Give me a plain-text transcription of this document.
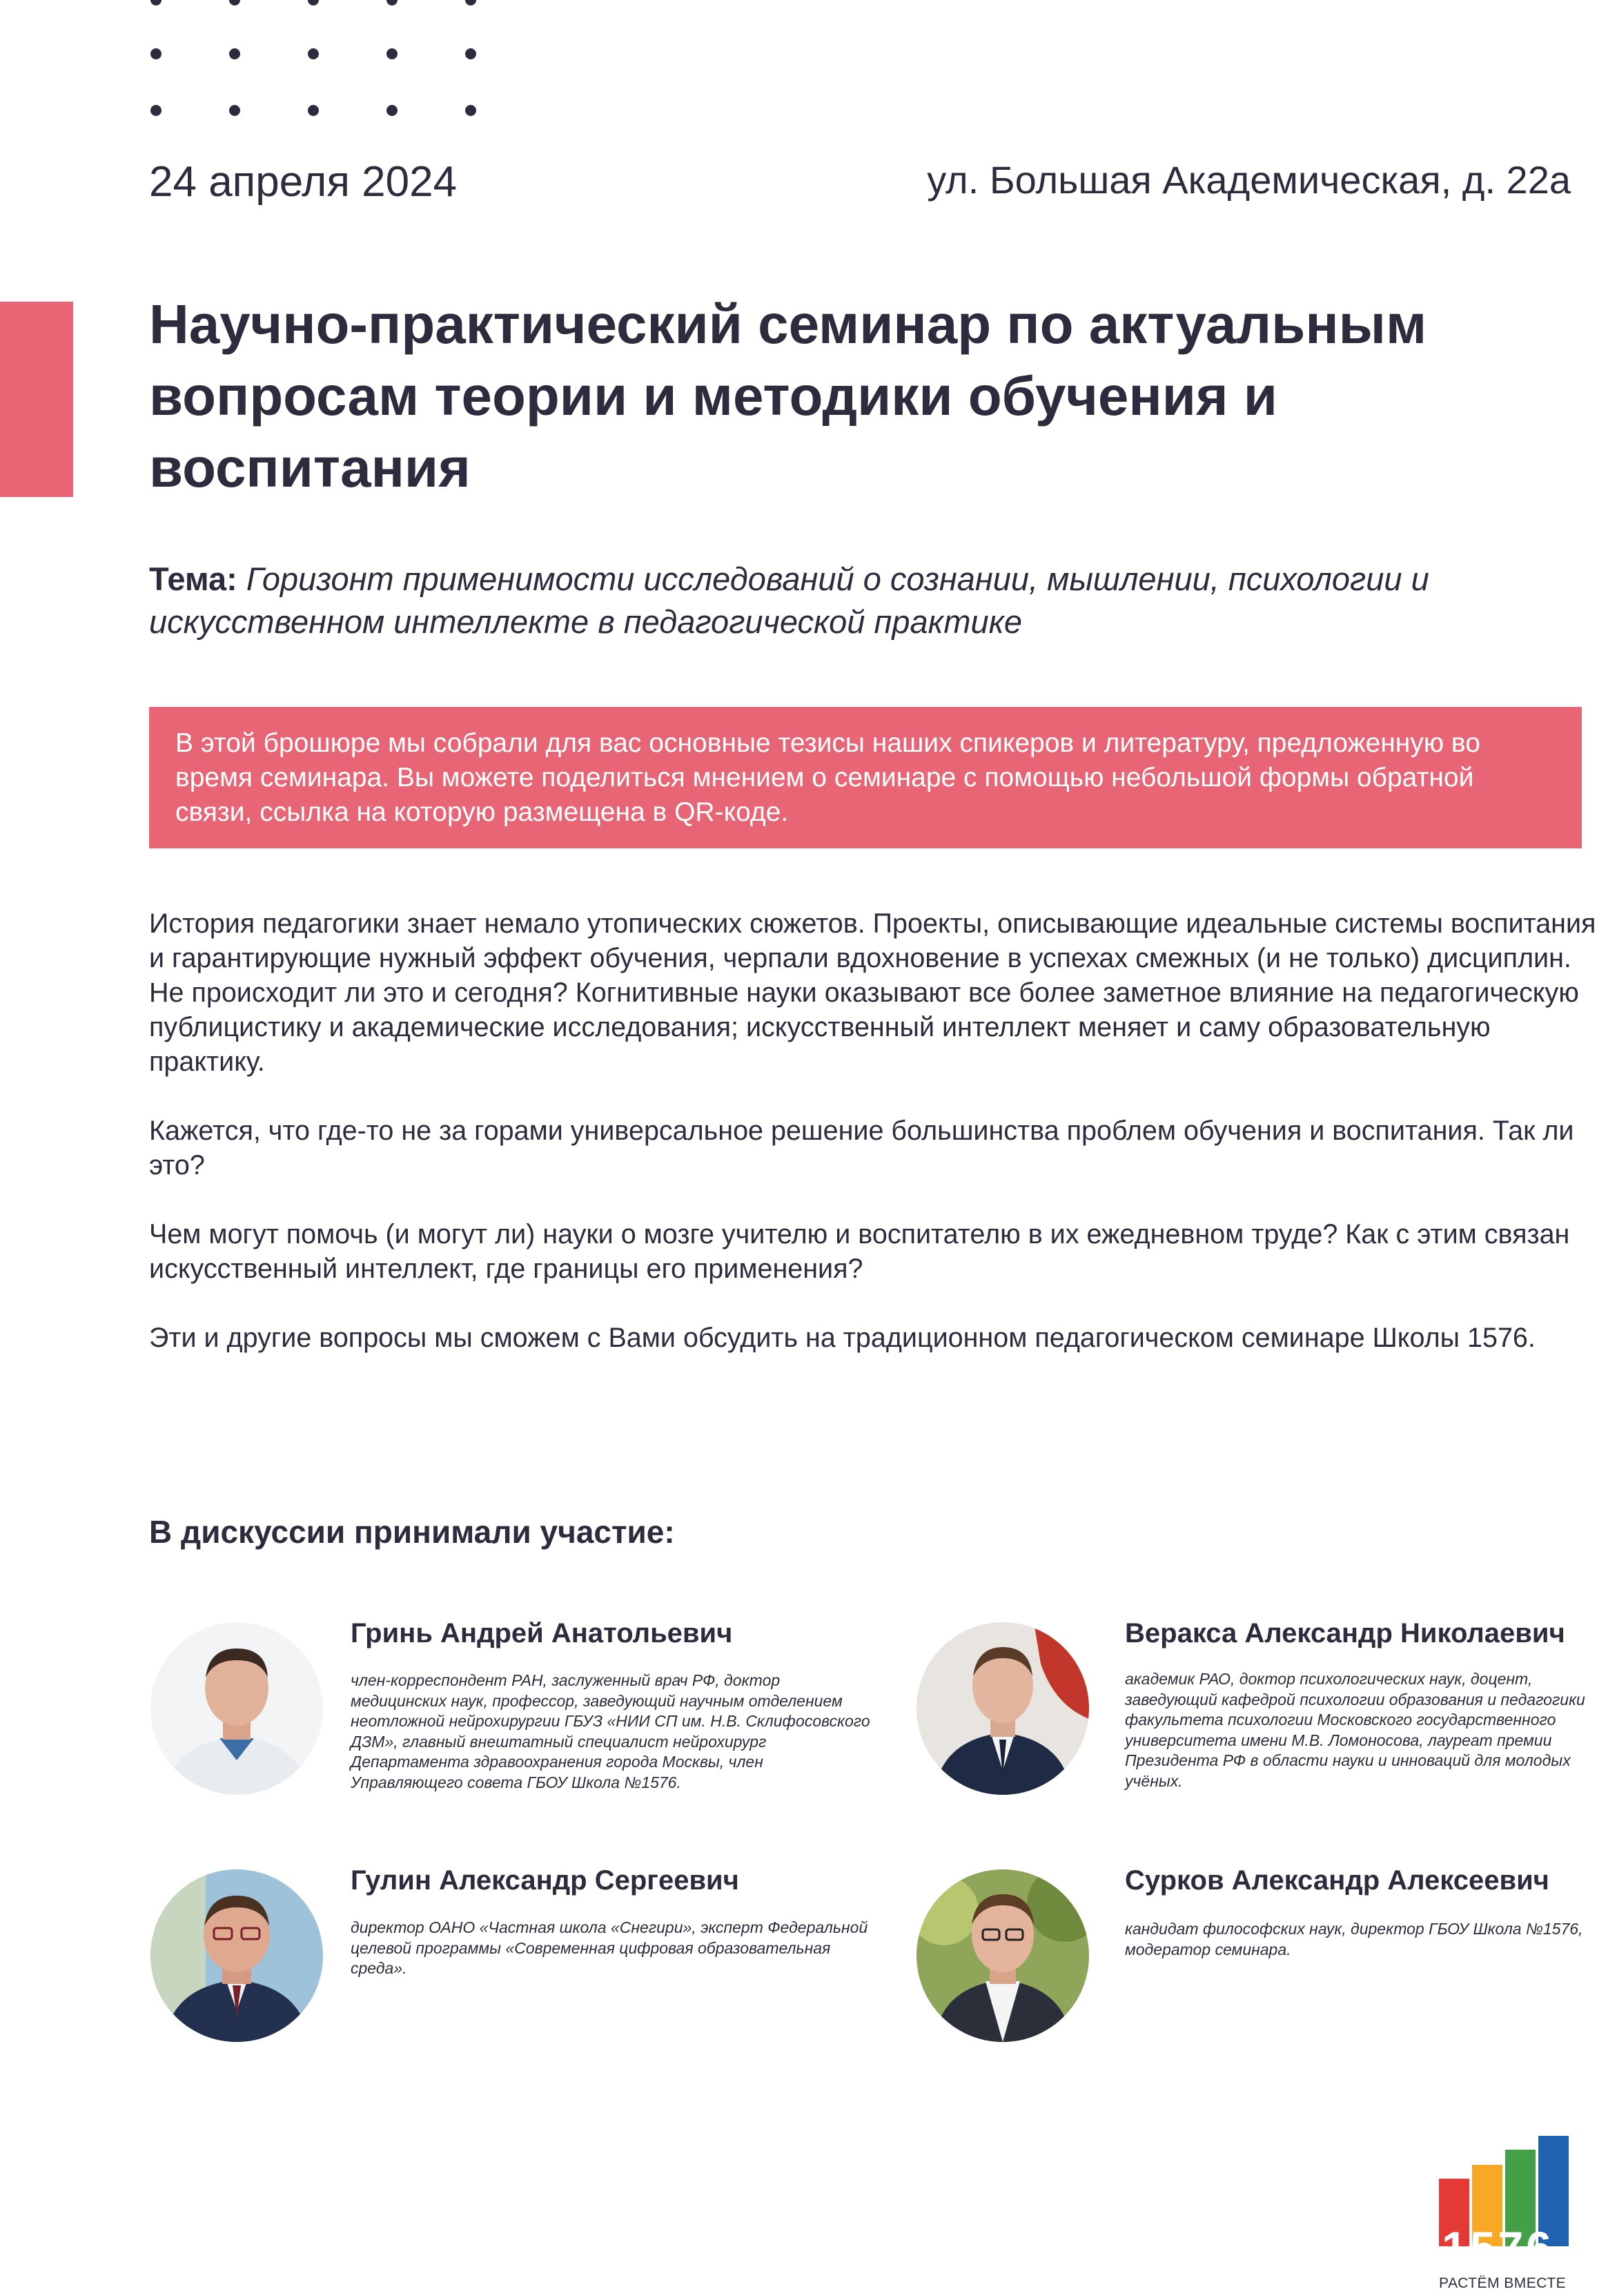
24 апреля 2024	ул. Большая Академическая, д. 22а
Научно-практический семинар по актуальным вопросам теории и методики обучения и воспитания
Тема: Горизонт применимости исследований о сознании, мышлении, психологии и искусственном интеллекте в педагогической практике
В этой брошюре мы собрали для вас основные тезисы наших спикеров и литературу, предложенную во время семинара. Вы можете поделиться мнением о семинаре с помощью небольшой формы обратной связи, ссылка на которую размещена в QR-коде.

История педагогики знает немало утопических сюжетов. Проекты, описывающие идеальные системы воспитания и гарантирующие нужный эффект обучения, черпали вдохновение в успехах смежных (и не только) дисциплин. Не происходит ли это и сегодня? Когнитивные науки оказывают все более заметное влияние на педагогическую публицистику и академические исследования; искусственный интеллект меняет и саму образовательную практику.

Кажется, что где-то не за горами универсальное решение большинства проблем обучения и воспитания. Так ли это?

Чем могут помочь (и могут ли) науки о мозге учителю и воспитателю в их ежедневном труде? Как с этим связан искусственный интеллект, где границы его применения?

Эти и другие вопросы мы сможем с Вами обсудить на традиционном педагогическом семинаре Школы 1576.

В дискуссии принимали участие:
Гринь Андрей Анатольевич
член-корреспондент РАН, заслуженный врач РФ, доктор медицинских наук, профессор, заведующий научным отделением неотложной нейрохирургии ГБУЗ «НИИ СП им. Н.В. Склифосовского ДЗМ», главный внештатный специалист нейрохирург Департамента здравоохранения города Москвы, член Управляющего совета ГБОУ Школа №1576.
Веракса Александр Николаевич
академик РАО, доктор психологических наук, доцент, заведующий кафедрой психологии образования и педагогики факультета психологии Московского государственного университета имени М.В. Ломоносова, лауреат премии Президента РФ в области науки и инноваций для молодых учёных.
Гулин Александр Сергеевич
директор ОАНО «Частная школа «Снегири», эксперт Федеральной целевой программы «Современная цифровая образовательная среда».
Сурков Александр Алексеевич
кандидат философских наук, директор ГБОУ Школа №1576, модератор семинара.
1576
РАСТЁМ ВМЕСТЕ
